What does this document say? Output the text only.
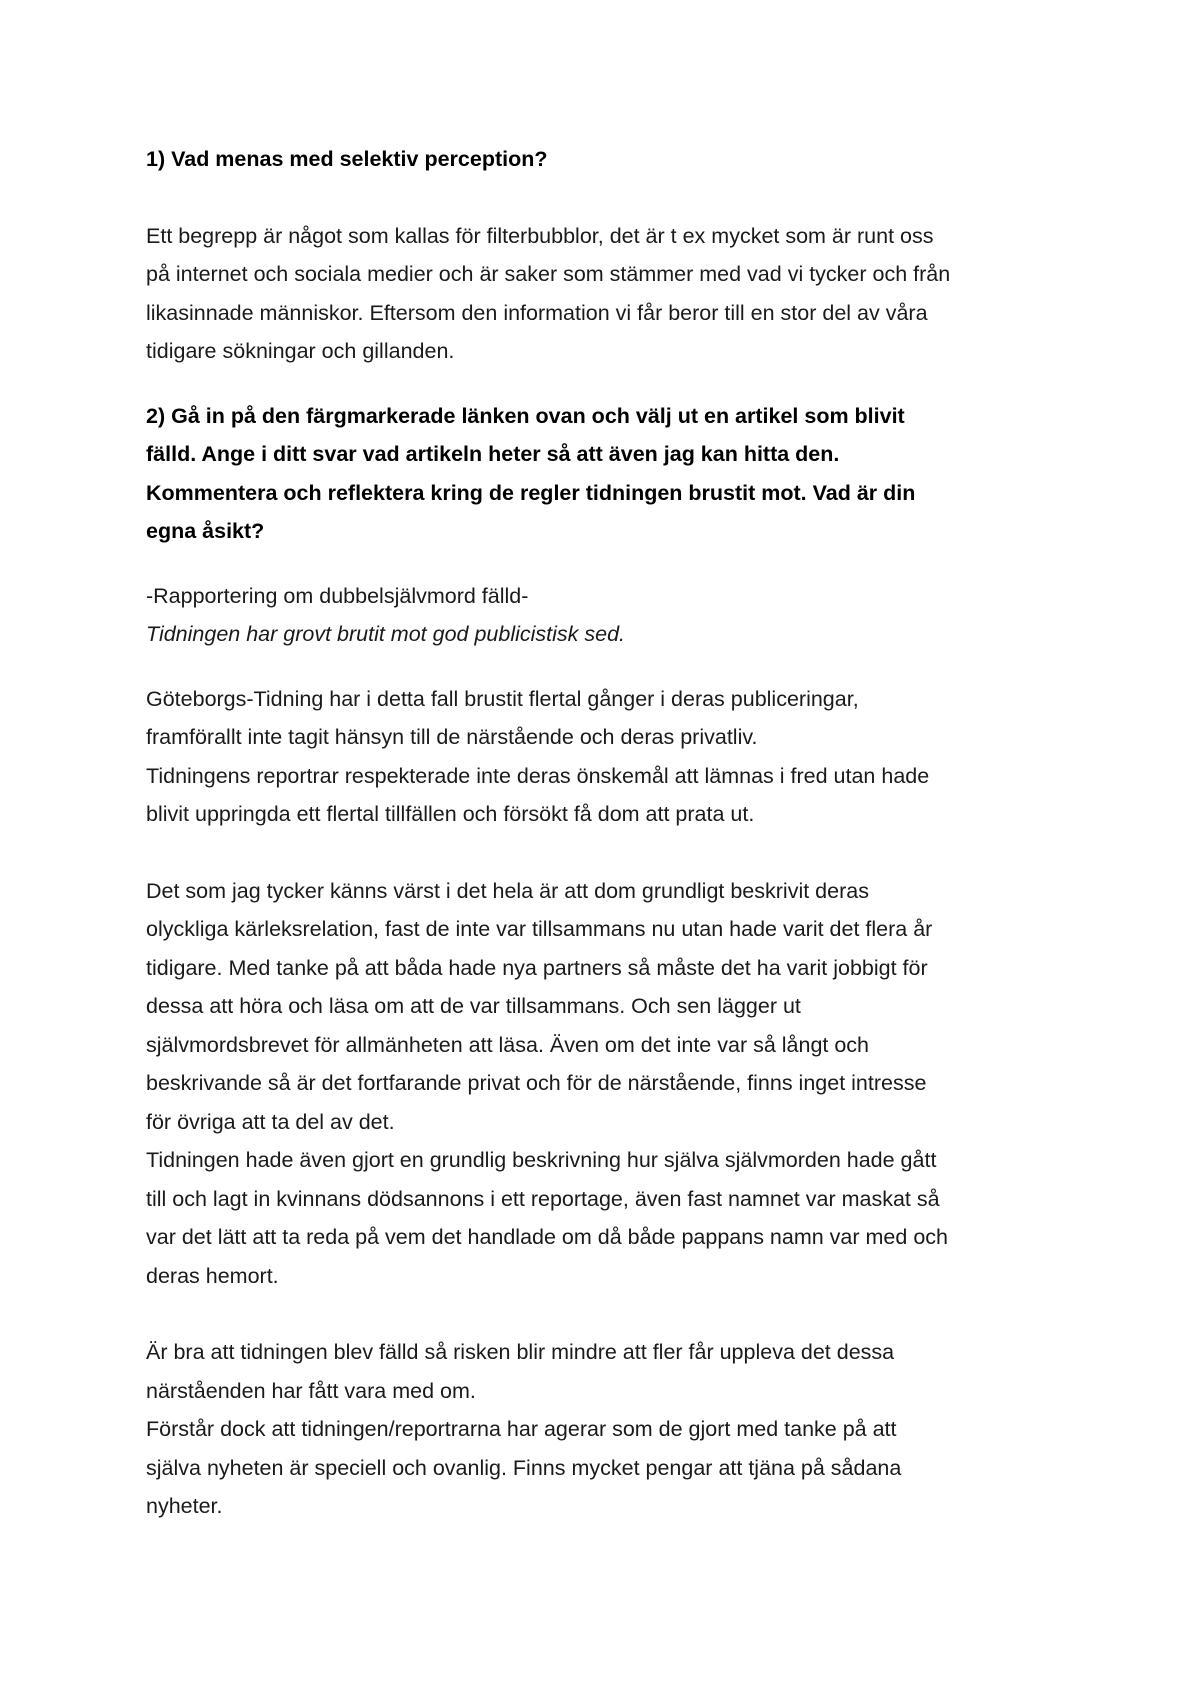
1) Vad menas med selektiv perception?
Ett begrepp är något som kallas för filterbubblor, det är t ex mycket som är runt oss
på internet och sociala medier och är saker som stämmer med vad vi tycker och från
likasinnade människor. Eftersom den information vi får beror till en stor del av våra
tidigare sökningar och gillanden.
2) Gå in på den färgmarkerade länken ovan och välj ut en artikel som blivit
fälld. Ange i ditt svar vad artikeln heter så att även jag kan hitta den.
Kommentera och reflektera kring de regler tidningen brustit mot. Vad är din
egna åsikt?
-Rapportering om dubbelsjälvmord fälld-
Tidningen har grovt brutit mot god publicistisk sed.
Göteborgs-Tidning har i detta fall brustit flertal gånger i deras publiceringar,
framförallt inte tagit hänsyn till de närstående och deras privatliv.
Tidningens reportrar respekterade inte deras önskemål att lämnas i fred utan hade
blivit uppringda ett flertal tillfällen och försökt få dom att prata ut.
Det som jag tycker känns värst i det hela är att dom grundligt beskrivit deras
olyckliga kärleksrelation, fast de inte var tillsammans nu utan hade varit det flera år
tidigare. Med tanke på att båda hade nya partners så måste det ha varit jobbigt för
dessa att höra och läsa om att de var tillsammans. Och sen lägger ut
självmordsbrevet för allmänheten att läsa. Även om det inte var så långt och
beskrivande så är det fortfarande privat och för de närstående, finns inget intresse
för övriga att ta del av det.
Tidningen hade även gjort en grundlig beskrivning hur själva självmorden hade gått
till och lagt in kvinnans dödsannons i ett reportage, även fast namnet var maskat så
var det lätt att ta reda på vem det handlade om då både pappans namn var med och
deras hemort.
Är bra att tidningen blev fälld så risken blir mindre att fler får uppleva det dessa
närståenden har fått vara med om.
Förstår dock att tidningen/reportrarna har agerar som de gjort med tanke på att
själva nyheten är speciell och ovanlig. Finns mycket pengar att tjäna på sådana
nyheter.
